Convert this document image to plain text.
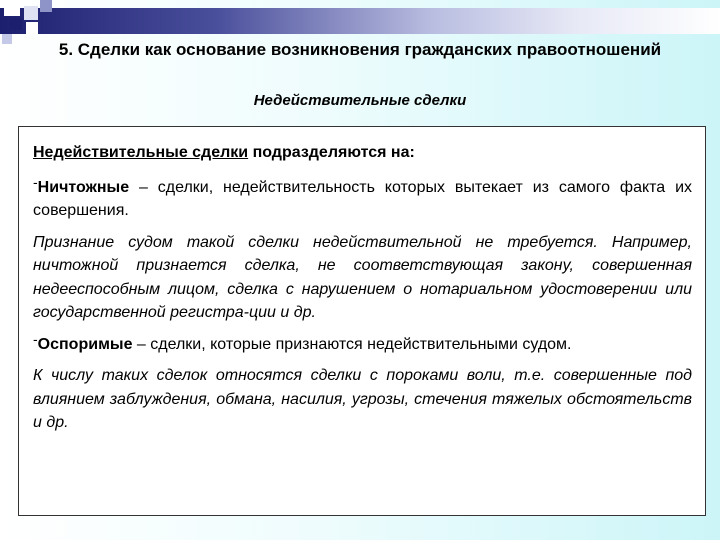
5. Сделки как основание возникновения гражданских правоотношений
Недействительные сделки

Недействительные сделки подразделяются на:

-Ничтожные – сделки, недействительность которых вытекает из самого факта их совершения.

Признание судом такой сделки недействительной не требуется. Например, ничтожной признается сделка, не соответствующая закону, совершенная недееспособным лицом, сделка с нарушением о нотариальном удостоверении или государственной регистра-ции и др.

-Оспоримые – сделки, которые признаются недействительными судом.

К числу таких сделок относятся сделки с пороками воли, т.е. совершенные под влиянием заблуждения, обмана, насилия, угрозы, стечения тяжелых обстоятельств и др.
